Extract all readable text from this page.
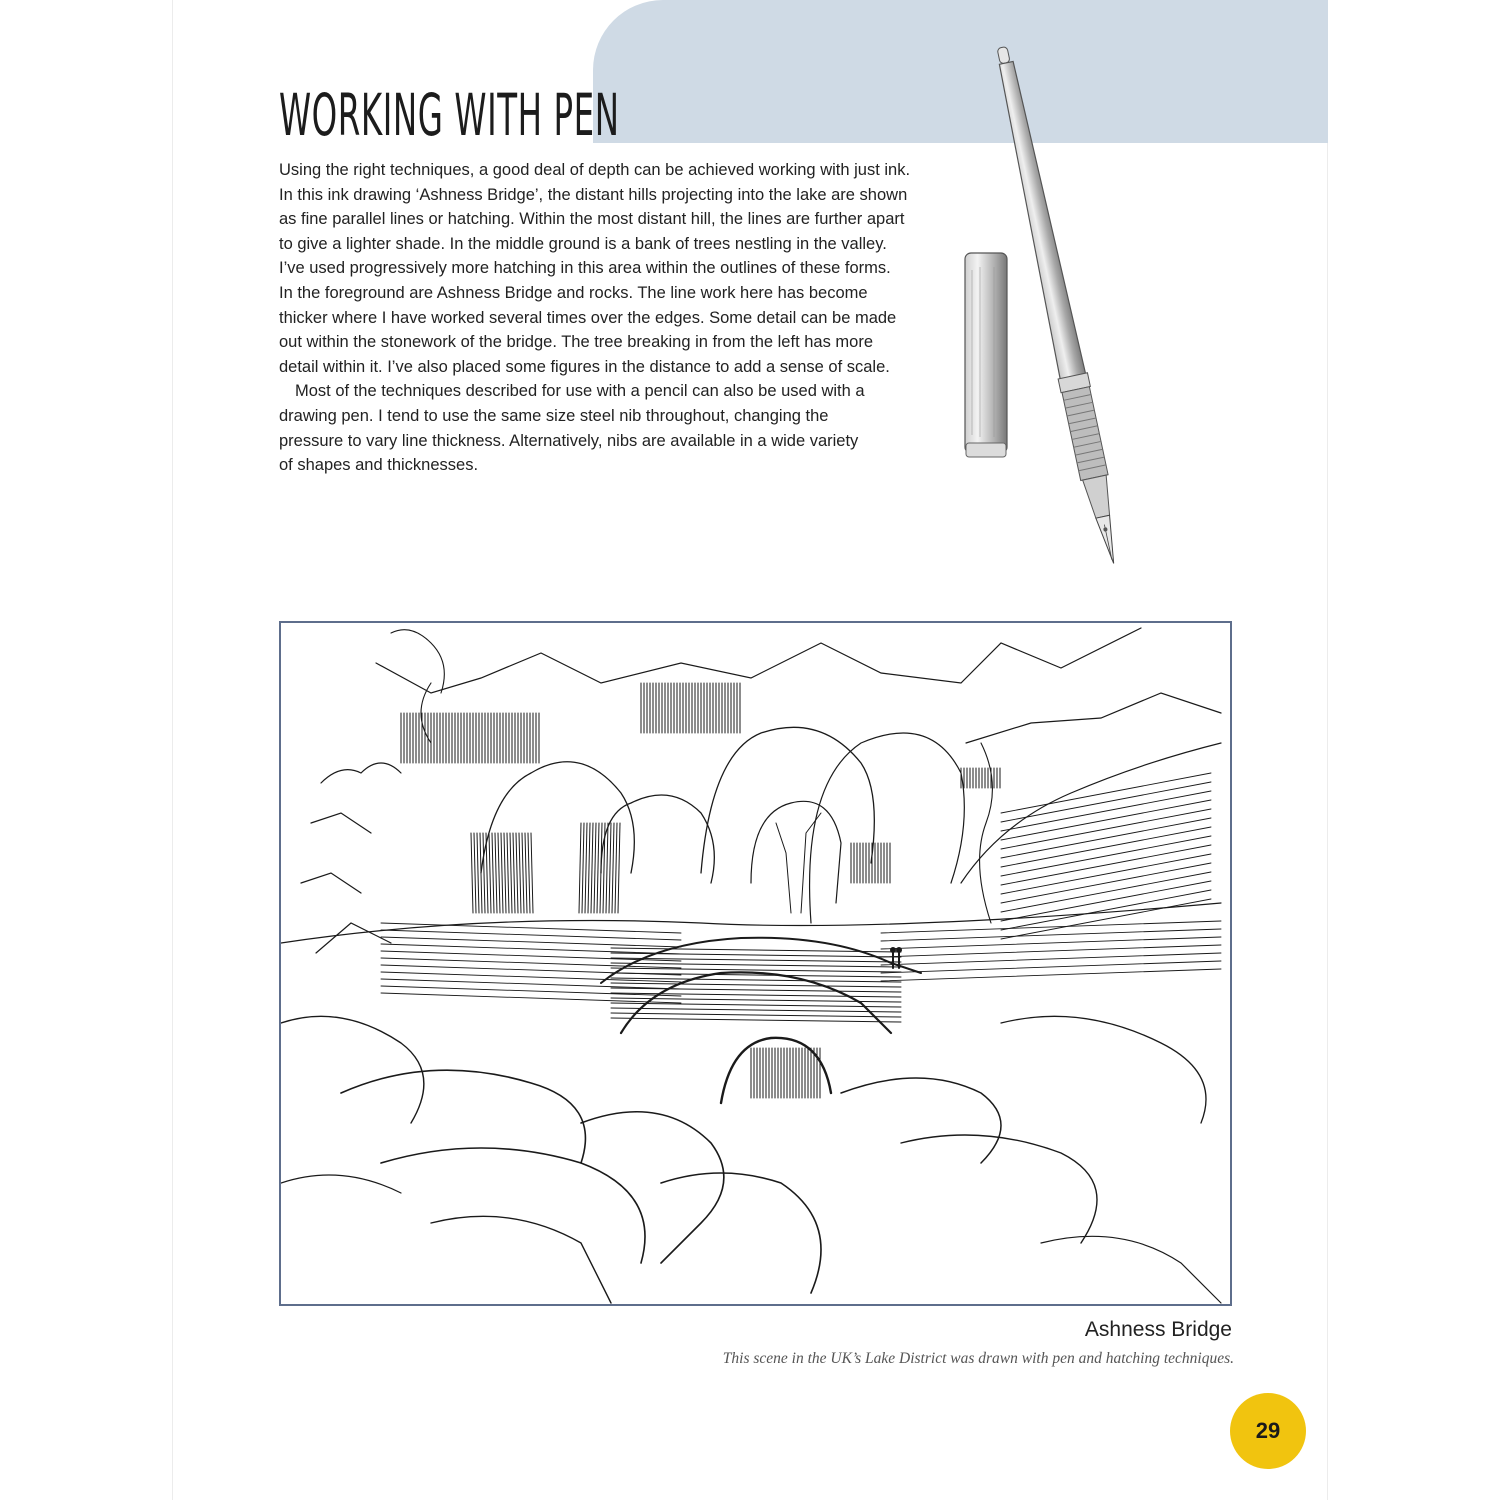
WORKING WITH PEN

Using the right techniques, a good deal of depth can be achieved working with just ink.

In this ink drawing ‘Ashness Bridge’, the distant hills projecting into the lake are shown

as fine parallel lines or hatching. Within the most distant hill, the lines are further apart

to give a lighter shade. In the middle ground is a bank of trees nestling in the valley.

I’ve used progressively more hatching in this area within the outlines of these forms.

In the foreground are Ashness Bridge and rocks. The line work here has become

thicker where I have worked several times over the edges. Some detail can be made

out within the stonework of the bridge. The tree breaking in from the left has more

detail within it. I’ve also placed some figures in the distance to add a sense of scale.

Most of the techniques described for use with a pencil can also be used with a

drawing pen. I tend to use the same size steel nib throughout, changing the

pressure to vary line thickness. Alternatively, nibs are available in a wide variety

of shapes and thicknesses.

Ashness Bridge
This scene in the UK’s Lake District was drawn with pen and hatching techniques.
29
